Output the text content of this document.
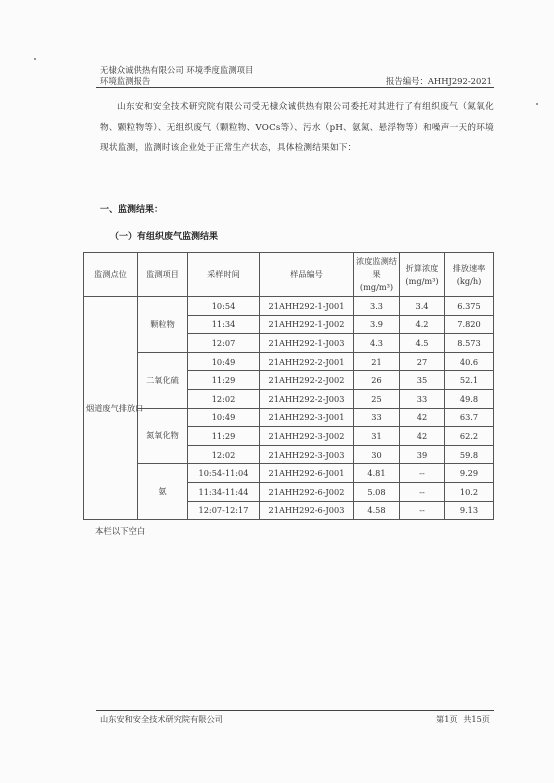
无棣众诚供热有限公司 环境季度监测项目
环境监测报告	报告编号：AHHJ292-2021

山东安和安全技术研究院有限公司受无棣众诚供热有限公司委托对其进行了有组织废气（氮氧化物、颗粒物等）、无组织废气（颗粒物、VOCs等）、污水（pH、氨氮、悬浮物等）和噪声一天的环境现状监测，监测时该企业处于正常生产状态，具体检测结果如下：

一、监测结果：
（一）有组织废气监测结果
监测点位	监测项目	采样时间	样品编号	浓度监测结果(mg/m³)	折算浓度(mg/m³)	排放速率(kg/h)
烟道废气排放口	颗粒物	10:54	21AHH292-1-J001	3.3	3.4	6.375
		11:34	21AHH292-1-J002	3.9	4.2	7.820
		12:07	21AHH292-1-J003	4.3	4.5	8.573
	二氧化硫	10:49	21AHH292-2-J001	21	27	40.6
		11:29	21AHH292-2-J002	26	35	52.1
		12:02	21AHH292-2-J003	25	33	49.8
	氮氧化物	10:49	21AHH292-3-J001	33	42	63.7
		11:29	21AHH292-3-J002	31	42	62.2
		12:02	21AHH292-3-J003	30	39	59.8
	氨	10:54-11:04	21AHH292-6-J001	4.81	--	9.29
		11:34-11:44	21AHH292-6-J002	5.08	--	10.2
		12:07-12:17	21AHH292-6-J003	4.58	--	9.13
本栏以下空白
山东安和安全技术研究院有限公司	第1页 共15页
